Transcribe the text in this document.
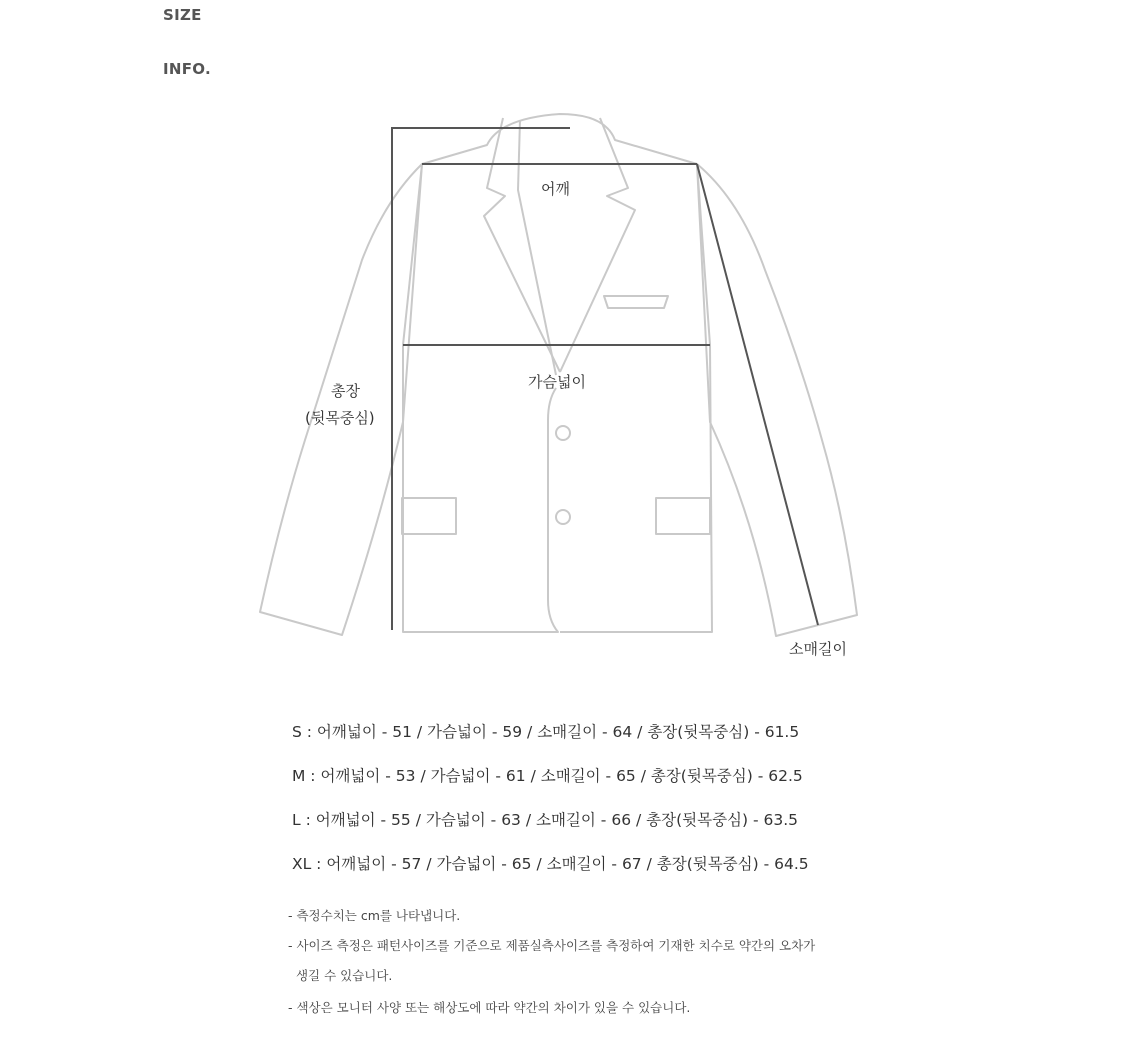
SIZE
INFO.
어깨
가슴넓이
총장
(뒷목중심)
소매길이
S : 어깨넓이 - 51 / 가슴넓이 - 59 / 소매길이 - 64 / 총장(뒷목중심) - 61.5
M : 어깨넓이 - 53 / 가슴넓이 - 61 / 소매길이 - 65 / 총장(뒷목중심) - 62.5
L : 어깨넓이 - 55 / 가슴넓이 - 63 / 소매길이 - 66 / 총장(뒷목중심) - 63.5
XL : 어깨넓이 - 57 / 가슴넓이 - 65 / 소매길이 - 67 / 총장(뒷목중심) - 64.5
- 측정수치는 cm를 나타냅니다.
- 사이즈 측정은 패턴사이즈를 기준으로 제품실측사이즈를 측정하여 기재한 치수로 약간의 오차가
생길 수 있습니다.
- 색상은 모니터 사양 또는 해상도에 따라 약간의 차이가 있을 수 있습니다.
